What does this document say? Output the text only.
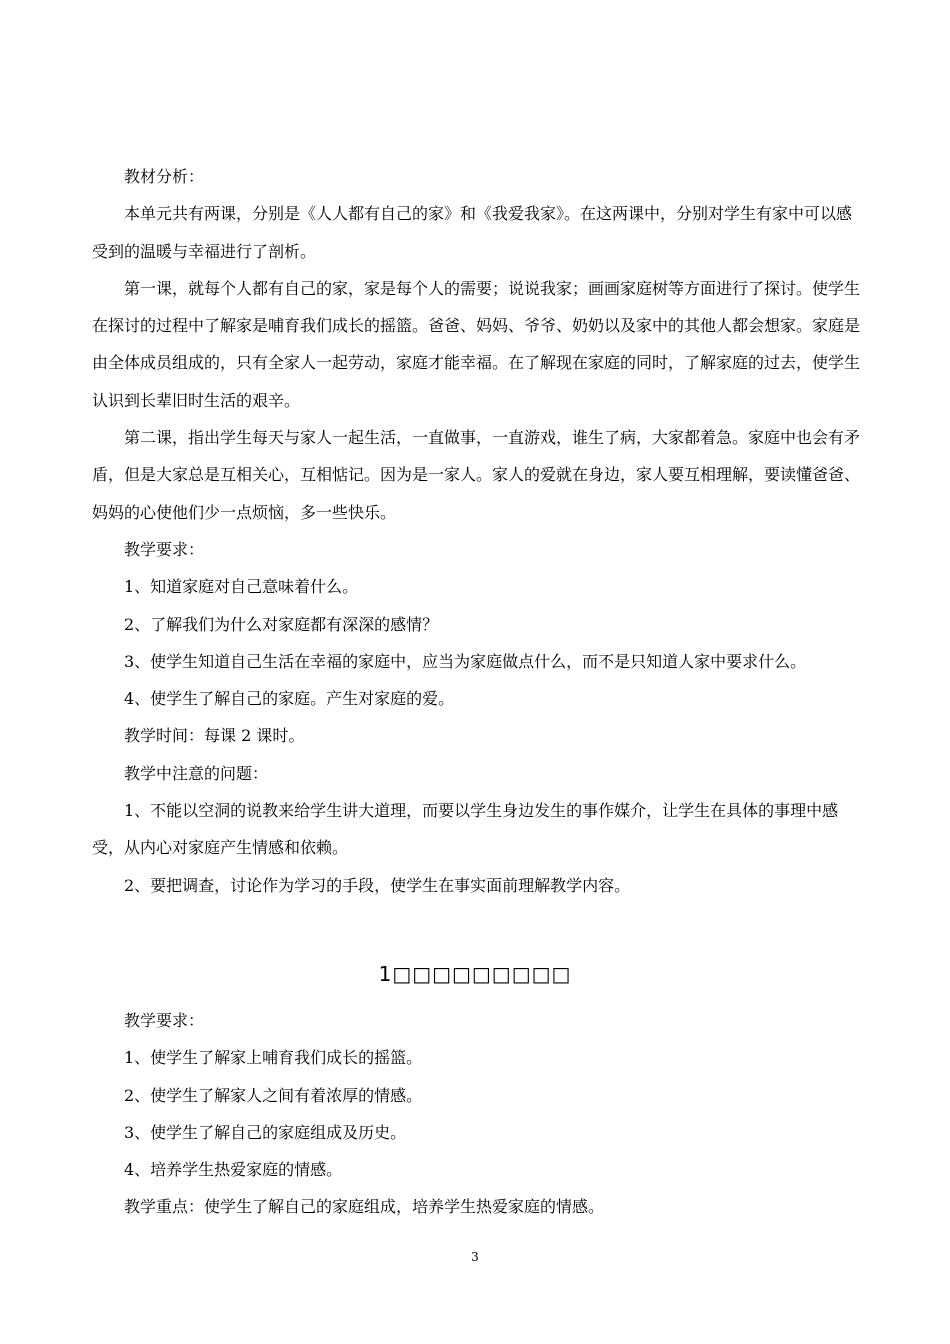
教材分析：

本单元共有两课，分别是《人人都有自己的家》和《我爱我家》。在这两课中，分别对学生有家中可以感受到的温暖与幸福进行了剖析。

第一课，就每个人都有自己的家，家是每个人的需要；说说我家；画画家庭树等方面进行了探讨。使学生在探讨的过程中了解家是哺育我们成长的摇篮。爸爸、妈妈、爷爷、奶奶以及家中的其他人都会想家。家庭是由全体成员组成的，只有全家人一起劳动，家庭才能幸福。在了解现在家庭的同时，了解家庭的过去，使学生认识到长辈旧时生活的艰辛。

第二课，指出学生每天与家人一起生活，一直做事，一直游戏，谁生了病，大家都着急。家庭中也会有矛盾，但是大家总是互相关心，互相惦记。因为是一家人。家人的爱就在身边，家人要互相理解，要读懂爸爸、妈妈的心使他们少一点烦恼，多一些快乐。

教学要求：

1、知道家庭对自己意味着什么。

2、了解我们为什么对家庭都有深深的感情？

3、使学生知道自己生活在幸福的家庭中，应当为家庭做点什么，而不是只知道人家中要求什么。

4、使学生了解自己的家庭。产生对家庭的爱。

教学时间：每课 2 课时。

教学中注意的问题：

1、不能以空洞的说教来给学生讲大道理，而要以学生身边发生的事作媒介，让学生在具体的事理中感受，从内心对家庭产生情感和依赖。

2、要把调查，讨论作为学习的手段，使学生在事实面前理解教学内容。

1□□□□□□□□□

教学要求：

1、使学生了解家上哺育我们成长的摇篮。

2、使学生了解家人之间有着浓厚的情感。

3、使学生了解自己的家庭组成及历史。

4、培养学生热爱家庭的情感。

教学重点：使学生了解自己的家庭组成，培养学生热爱家庭的情感。

3
